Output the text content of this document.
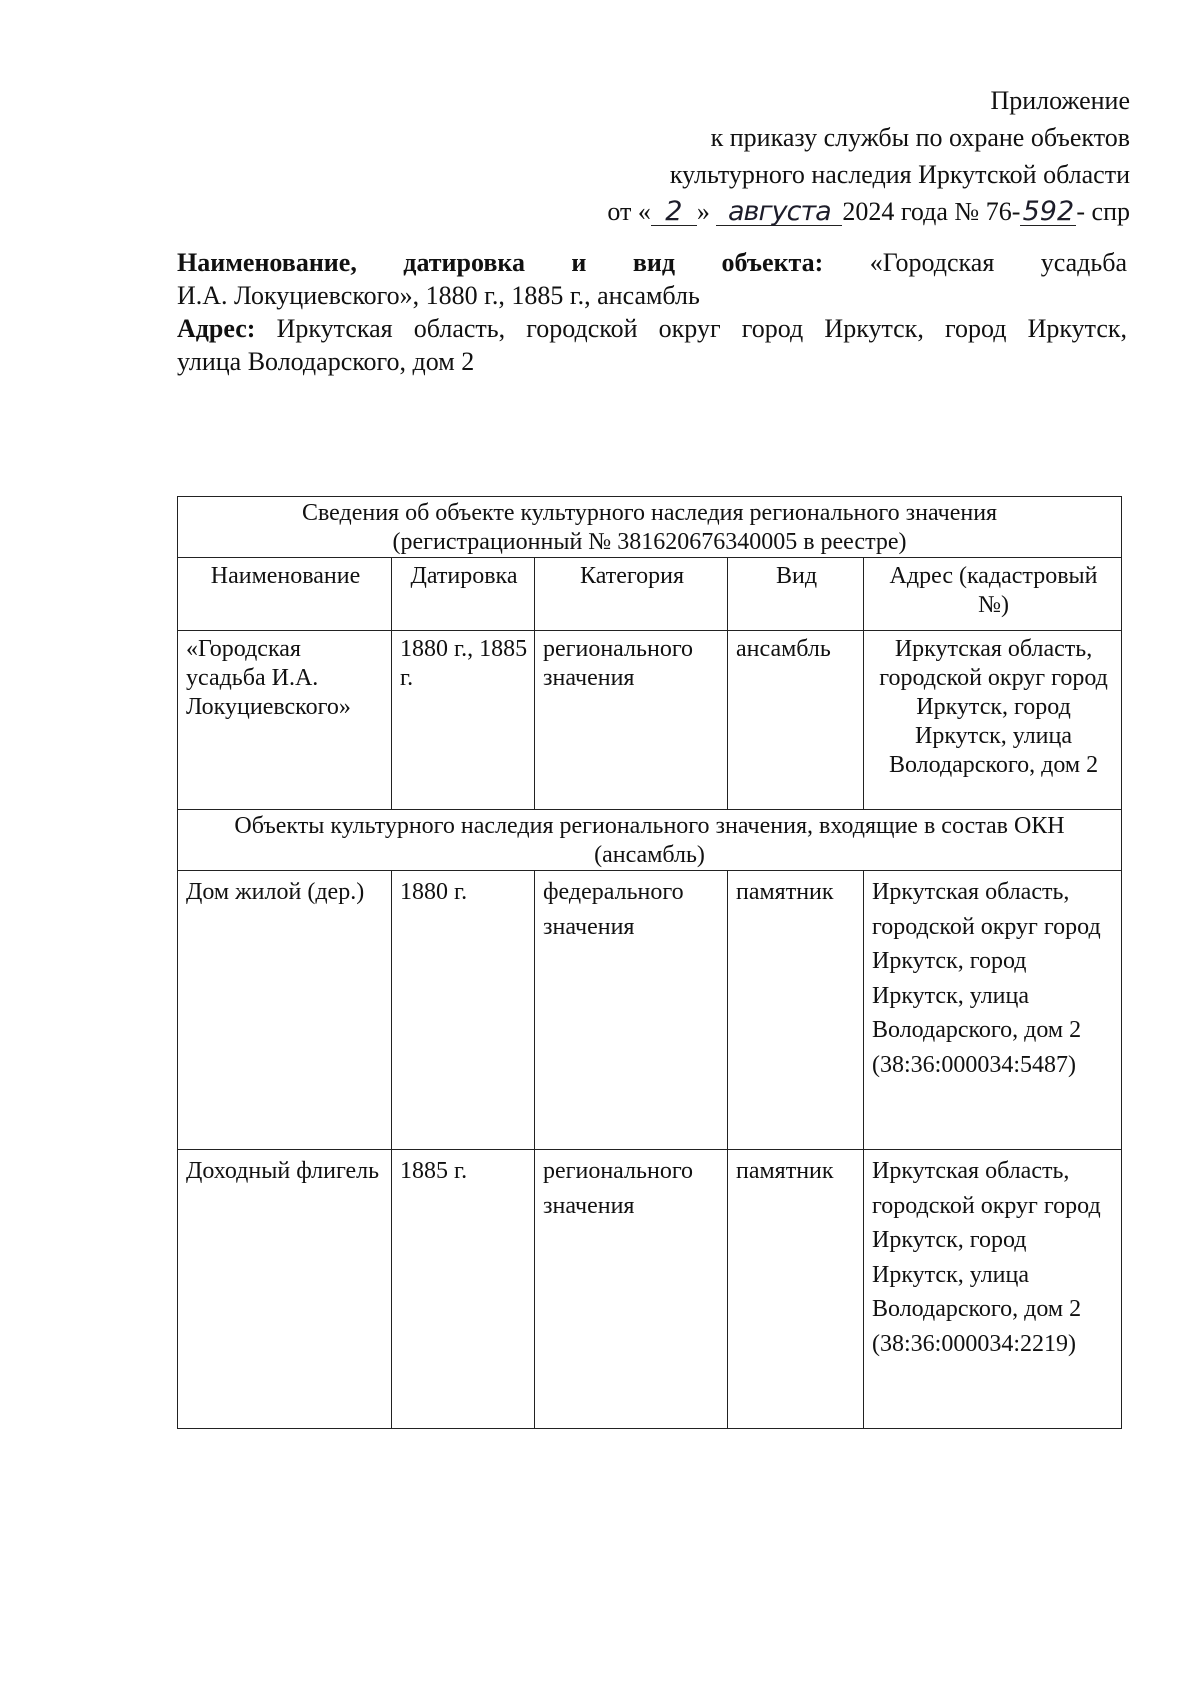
Приложение
к приказу службы по охране объектов
культурного наследия Иркутской области
от « 2 » августа 2024 года № 76-592- спр

Наименование, датировка и вид объекта: «Городская усадьба

И.А. Локуциевского», 1880 г., 1885 г., ансамбль

Адрес: Иркутская область, городской округ город Иркутск, город Иркутск,

улица Володарского, дом 2

Сведения об объекте культурного наследия регионального значения
(регистрационный № 381620676340005 в реестре)				

Наименование	Датировка	Категория	Вид	Адрес (кадастровый №)
«Городская усадьба И.А. Локуциевского»	1880 г., 1885 г.	регионального значения	ансамбль	Иркутская область, городской округ город Иркутск, город Иркутск, улица Володарского, дом 2
Объекты культурного наследия регионального значения, входящие в состав ОКН (ансамбль)				
Дом жилой (дер.)	1880 г.	федерального значения	памятник	Иркутская область, городской округ город Иркутск, город Иркутск, улица Володарского, дом 2 (38:36:000034:5487)
Доходный флигель	1885 г.	регионального значения	памятник	Иркутская область, городской округ город Иркутск, город Иркутск, улица Володарского, дом 2 (38:36:000034:2219)
